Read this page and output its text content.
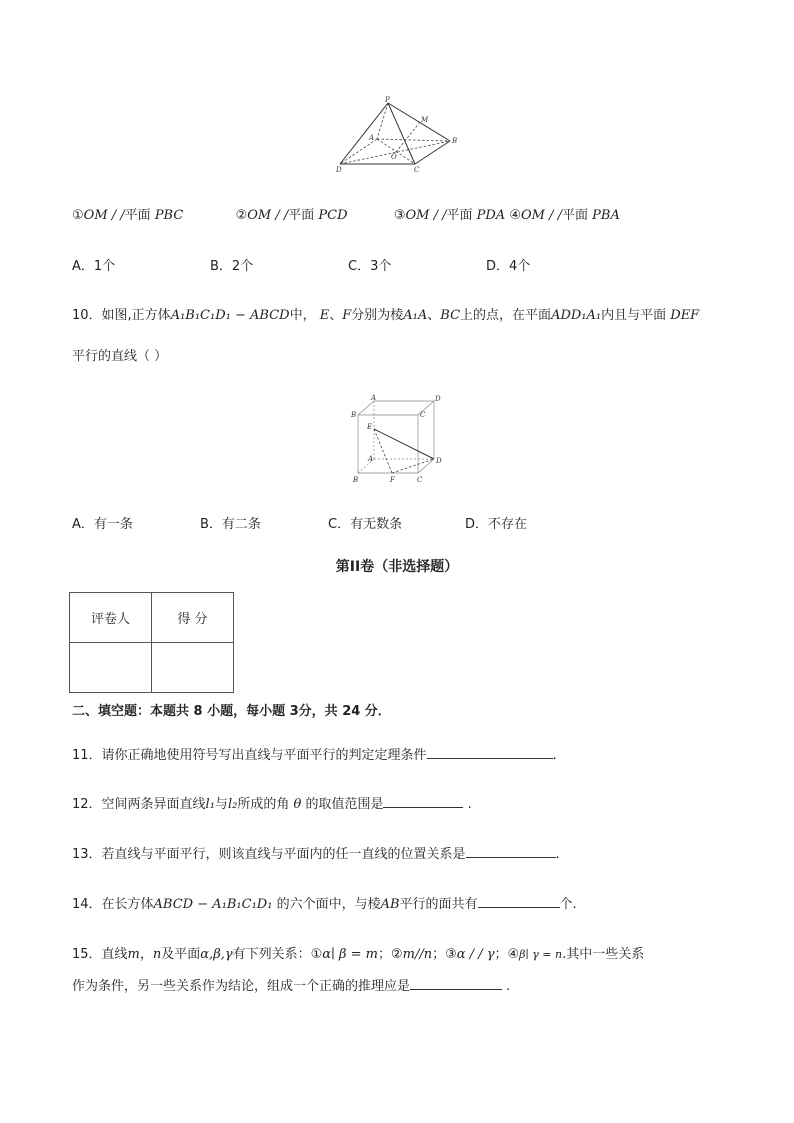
P
M
A
O
B
D	C
①OM / /平面 PBC	②OM / /平面 PCD	③OM / /平面 PDA ④OM / /平面 PBA
A．1个	B．2个	C．3个	D．4个
10．如图,正方体A₁B₁C₁D₁ − ABCD中， E、F分别为棱A₁A、BC上的点，在平面ADD₁A₁内且与平面 DEF
平行的直线（ ）
B
A
C
D
E
A	D
B	F	C
A．有一条	B．有二条	C．有无数条	D．不存在
第II卷（非选择题）
评卷人	得 分

二、填空题：本题共 8 小题，每小题 3分，共 24 分．
11．请你正确地使用符号写出直线与平面平行的判定定理条件	.
12．空间两条异面直线l₁与l₂所成的角 θ 的取值范围是	.
13．若直线与平面平行，则该直线与平面内的任一直线的位置关系是	.
14．在长方体ABCD − A₁B₁C₁D₁ 的六个面中，与棱AB平行的面共有	个.
15．直线m，n及平面α,β,γ有下列关系：①α∣ β = m；②m//n；③α / / γ；④β∣ γ = n.其中一些关系
作为条件，另一些关系作为结论，组成一个正确的推理应是	.
